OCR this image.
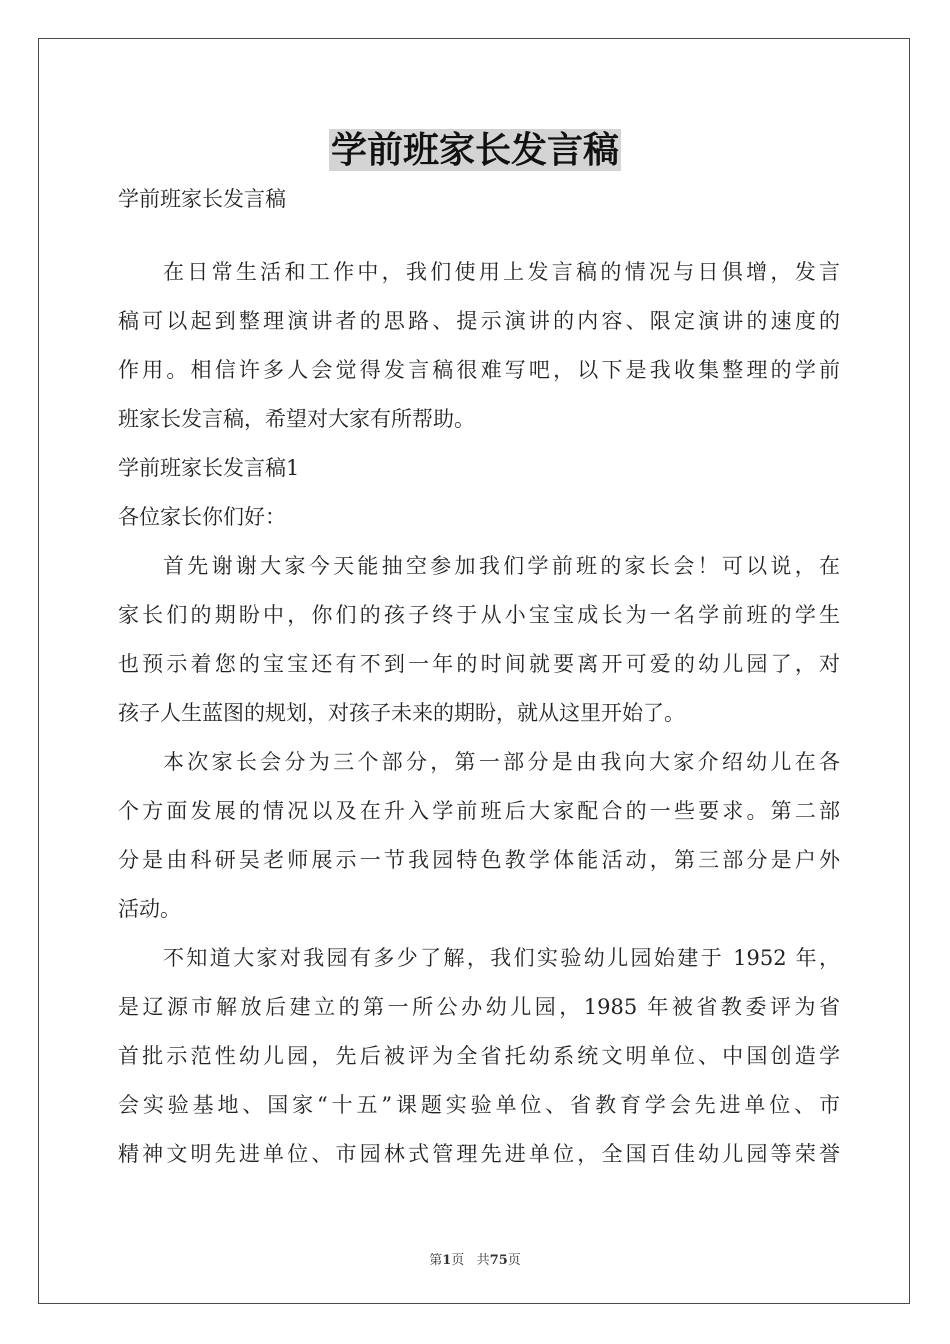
学前班家长发言稿
学前班家长发言稿
在日常生活和工作中，我们使用上发言稿的情况与日俱增，发言
稿可以起到整理演讲者的思路、提示演讲的内容、限定演讲的速度的
作用。相信许多人会觉得发言稿很难写吧，以下是我收集整理的学前
班家长发言稿，希望对大家有所帮助。
学前班家长发言稿1
各位家长你们好：
首先谢谢大家今天能抽空参加我们学前班的家长会！可以说，在
家长们的期盼中，你们的孩子终于从小宝宝成长为一名学前班的学生
也预示着您的宝宝还有不到一年的时间就要离开可爱的幼儿园了，对
孩子人生蓝图的规划，对孩子未来的期盼，就从这里开始了。
本次家长会分为三个部分，第一部分是由我向大家介绍幼儿在各
个方面发展的情况以及在升入学前班后大家配合的一些要求。第二部
分是由科研吴老师展示一节我园特色教学体能活动，第三部分是户外
活动。
不知道大家对我园有多少了解，我们实验幼儿园始建于 1952 年，
是辽源市解放后建立的第一所公办幼儿园，1985 年被省教委评为省
首批示范性幼儿园，先后被评为全省托幼系统文明单位、中国创造学
会实验基地、国家“十五”课题实验单位、省教育学会先进单位、市
精神文明先进单位、市园林式管理先进单位，全国百佳幼儿园等荣誉
第1页 共75页
